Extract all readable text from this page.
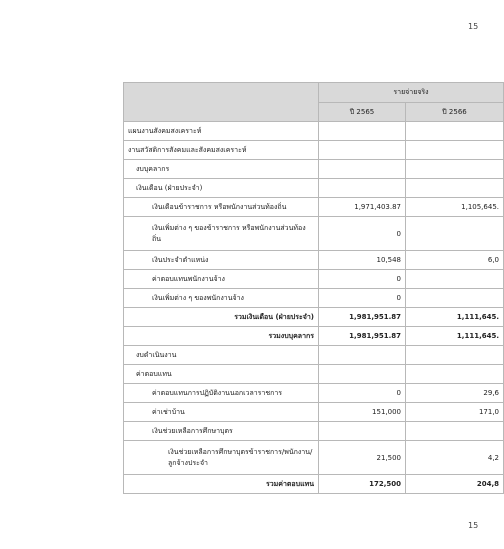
15
	รายจ่ายจริง	
	ปี 2565	ปี 2566
แผนงานสังคมสงเคราะห์		
งานสวัสดิการสังคมและสังคมสงเคราะห์		
งบบุคลากร		
เงินเดือน (ฝ่ายประจำ)		
เงินเดือนข้าราชการ หรือพนักงานส่วนท้องถิ่น	1,971,403.87	1,105,645.
เงินเพิ่มต่าง ๆ ของข้าราชการ หรือพนักงานส่วนท้องถิ่น	0	
เงินประจำตำแหน่ง	10,548	6,0
ค่าตอบแทนพนักงานจ้าง	0	
เงินเพิ่มต่าง ๆ ของพนักงานจ้าง	0	
รวมเงินเดือน (ฝ่ายประจำ)	1,981,951.87	1,111,645.
รวมงบบุคลากร	1,981,951.87	1,111,645.
งบดำเนินงาน		
ค่าตอบแทน		
ค่าตอบแทนการปฏิบัติงานนอกเวลาราชการ	0	29,6
ค่าเช่าบ้าน	151,000	171,0
เงินช่วยเหลือการศึกษาบุตร		
เงินช่วยเหลือการศึกษาบุตรข้าราชการ/พนักงาน/ลูกจ้างประจำ	21,500	4,2
รวมค่าตอบแทน	172,500	204,8
15
